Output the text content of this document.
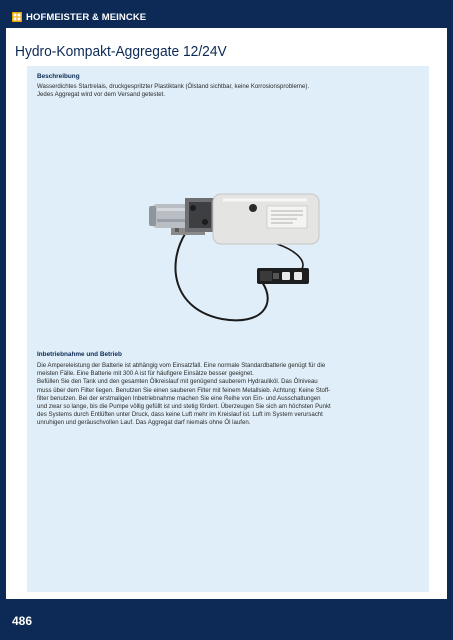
HOFMEISTER & MEINCKE
Hydro-Kompakt-Aggregate 12/24V
Beschreibung
Wasserdichtes Startrelais, druckgespritzter Plastiktank (Ölstand sichtbar, keine Korrosionsprobleme).
Jedes Aggregat wird vor dem Versand getestet.
Inbetriebnahme und Betrieb
Die Ampereleistung der Batterie ist abhängig vom Einsatzfall. Eine normale Standardbatterie genügt für die
meisten Fälle. Eine Batterie mit 300 A ist für häufigere Einsätze besser geeignet.
Befüllen Sie den Tank und den gesamten Ölkreislauf mit genügend sauberem Hydrauliköl. Das Ölniveau
muss über dem Filter liegen. Benutzen Sie einen sauberen Filter mit feinem Metallsieb. Achtung: Keine Stoff-
filter benutzen. Bei der erstmaligen Inbetriebnahme machen Sie eine Reihe von Ein- und Ausschaltungen
und zwar so lange, bis die Pumpe völlig gefüllt ist und stetig fördert. Überzeugen Sie sich am höchsten Punkt
des Systems durch Entlüften unter Druck, dass keine Luft mehr im Kreislauf ist. Luft im System verursacht
unruhigen und geräuschvollen Lauf. Das Aggregat darf niemals ohne Öl laufen.
486
